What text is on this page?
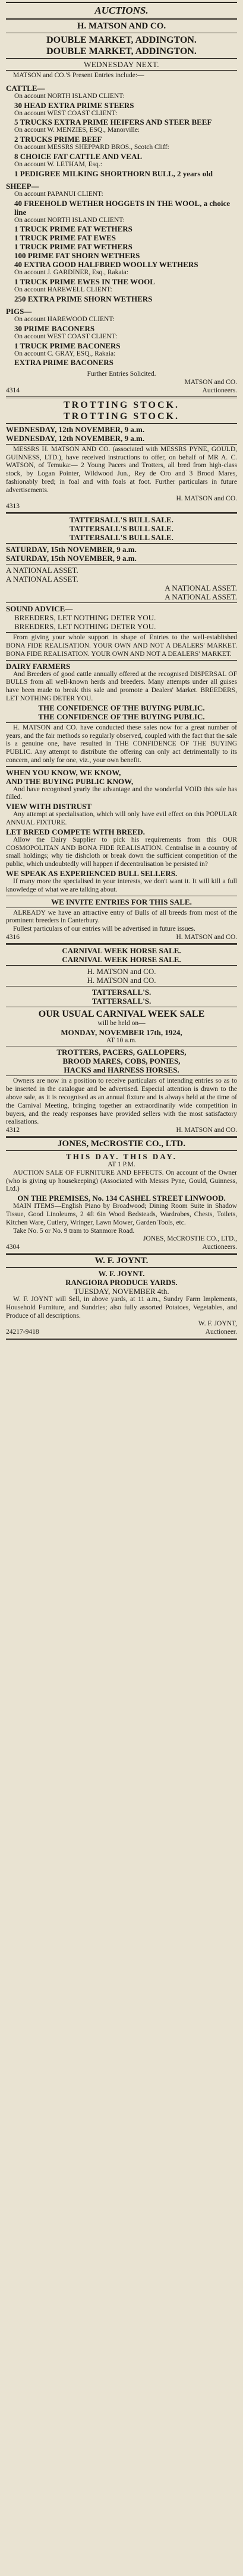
AUCTIONS.
H. MATSON AND CO.
DOUBLE MARKET, ADDINGTON.
DOUBLE MARKET, ADDINGTON.
WEDNESDAY NEXT.
MATSON and CO.'S Present Entries include:—
CATTLE—
On account NORTH ISLAND CLIENT:
30 HEAD EXTRA PRIME STEERS
On account WEST COAST CLIENT:
5 TRUCKS EXTRA PRIME HEIFERS AND STEER BEEF
On account W. MENZIES, ESQ., Manorville:
2 TRUCKS PRIME BEEF
On account MESSRS SHEPPARD BROS., Scotch Cliff:
8 CHOICE FAT CATTLE AND VEAL
On account W. LETHAM, Esq.:
1 PEDIGREE MILKING SHORTHORN BULL, 2 years old
SHEEP—
On account PAPANUI CLIENT:
40 FREEHOLD WETHER HOGGETS IN THE WOOL, a choice line
On account NORTH ISLAND CLIENT:
1 TRUCK PRIME FAT WETHERS
1 TRUCK PRIME FAT EWES
1 TRUCK PRIME FAT WETHERS
100 PRIME FAT SHORN WETHERS
40 EXTRA GOOD HALFBRED WOOLLY WETHERS
On account J. GARDINER, Esq., Rakaia:
1 TRUCK PRIME EWES IN THE WOOL
On account HAREWELL CLIENT:
250 EXTRA PRIME SHORN WETHERS
PIGS—
On account HAREWOOD CLIENT:
30 PRIME BACONERS
On account WEST COAST CLIENT:
1 TRUCK PRIME BACONERS
On account C. GRAY, ESQ., Rakaia:
EXTRA PRIME BACONERS
Further Entries Solicited.
MATSON and CO.
4314	Auctioneers.
TROTTING STOCK.
TROTTING STOCK.
WEDNESDAY, 12th NOVEMBER, 9 a.m.
WEDNESDAY, 12th NOVEMBER, 9 a.m.
MESSRS H. MATSON AND CO. (associated with MESSRS PYNE, GOULD, GUINNESS, LTD.), have received instructions to offer, on behalf of MR A. C. WATSON, of Temuka:— 2 Young Pacers and Trotters, all bred from high-class stock, by Logan Pointer, Wildwood Jun., Rey de Oro and 3 Brood Mares, fashionably bred; in foal and with foals at foot. Further particulars in future advertisements.
H. MATSON and CO.
4313
TATTERSALL'S BULL SALE.
TATTERSALL'S BULL SALE.
TATTERSALL'S BULL SALE.
SATURDAY, 15th NOVEMBER, 9 a.m.
SATURDAY, 15th NOVEMBER, 9 a.m.
A NATIONAL ASSET.
A NATIONAL ASSET.
A NATIONAL ASSET.
A NATIONAL ASSET.
SOUND ADVICE—
BREEDERS, LET NOTHING DETER YOU.
BREEDERS, LET NOTHING DETER YOU.
From giving your whole support in shape of Entries to the well-established BONA FIDE REALISATION. YOUR OWN AND NOT A DEALERS' MARKET. BONA FIDE REALISATION. YOUR OWN AND NOT A DEALERS' MARKET.
DAIRY FARMERS
And Breeders of good cattle annually offered at the recognised DISPERSAL OF BULLS from all well-known herds and breeders. Many attempts under all guises have been made to break this sale and promote a Dealers' Market. BREEDERS, LET NOTHING DETER YOU.
THE CONFIDENCE OF THE BUYING PUBLIC.
THE CONFIDENCE OF THE BUYING PUBLIC.
H. MATSON and CO. have conducted these sales now for a great number of years, and the fair methods so regularly observed, coupled with the fact that the sale is a genuine one, have resulted in THE CONFIDENCE OF THE BUYING PUBLIC. Any attempt to distribute the offering can only act detrimentally to its concern, and only for one, viz., your own benefit.
WHEN YOU KNOW, WE KNOW,
AND THE BUYING PUBLIC KNOW,
And have recognised yearly the advantage and the wonderful VOID this sale has filled.
VIEW WITH DISTRUST
Any attempt at specialisation, which will only have evil effect on this POPULAR ANNUAL FIXTURE.
LET BREED COMPETE WITH BREED.
Allow the Dairy Supplier to pick his requirements from this OUR COSMOPOLITAN AND BONA FIDE REALISATION. Centralise in a country of small holdings; why tie dishcloth or break down the sufficient competition of the public, which undoubtedly will happen if decentralisation be persisted in?
WE SPEAK AS EXPERIENCED BULL SELLERS.
If many more the specialised in your interests, we don't want it. It will kill a full knowledge of what we are talking about.
WE INVITE ENTRIES FOR THIS SALE.
ALREADY we have an attractive entry of Bulls of all breeds from most of the prominent breeders in Canterbury.
Fullest particulars of our entries will be advertised in future issues.
4316	H. MATSON and CO.
CARNIVAL WEEK HORSE SALE.
CARNIVAL WEEK HORSE SALE.
H. MATSON and CO.
H. MATSON and CO.
TATTERSALL'S.
TATTERSALL'S.
OUR USUAL CARNIVAL WEEK SALE
will be held on—
MONDAY, NOVEMBER 17th, 1924,
AT 10 a.m.
TROTTERS, PACERS, GALLOPERS,
BROOD MARES, COBS, PONIES,
HACKS and HARNESS HORSES.
Owners are now in a position to receive particulars of intending entries so as to be inserted in the catalogue and be advertised. Especial attention is drawn to the above sale, as it is recognised as an annual fixture and is always held at the time of the Carnival Meeting, bringing together an extraordinarily wide competition in buyers, and the ready responses have provided sellers with the most satisfactory realisations.
4312	H. MATSON and CO.
JONES, McCROSTIE CO., LTD.
THIS DAY. THIS DAY.
AT 1 P.M.
AUCTION SALE OF FURNITURE AND EFFECTS. On account of the Owner (who is giving up housekeeping) (Associated with Messrs Pyne, Gould, Guinness, Ltd.)
ON THE PREMISES, No. 134 CASHEL STREET LINWOOD.
MAIN ITEMS—English Piano by Broadwood; Dining Room Suite in Shadow Tissue, Good Linoleums, 2 4ft 6in Wood Bedsteads, Wardrobes, Chests, Toilets, Kitchen Ware, Cutlery, Wringer, Lawn Mower, Garden Tools, etc.
Take No. 5 or No. 9 tram to Stanmore Road.
JONES, McCROSTIE CO., LTD.,
4304	Auctioneers.
W. F. JOYNT.
W. F. JOYNT.
RANGIORA PRODUCE YARDS.
TUESDAY, NOVEMBER 4th.
W. F. JOYNT will Sell, in above yards, at 11 a.m., Sundry Farm Implements, Household Furniture, and Sundries; also fully assorted Potatoes, Vegetables, and Produce of all descriptions.
W. F. JOYNT,
24217-9418	Auctioneer.
